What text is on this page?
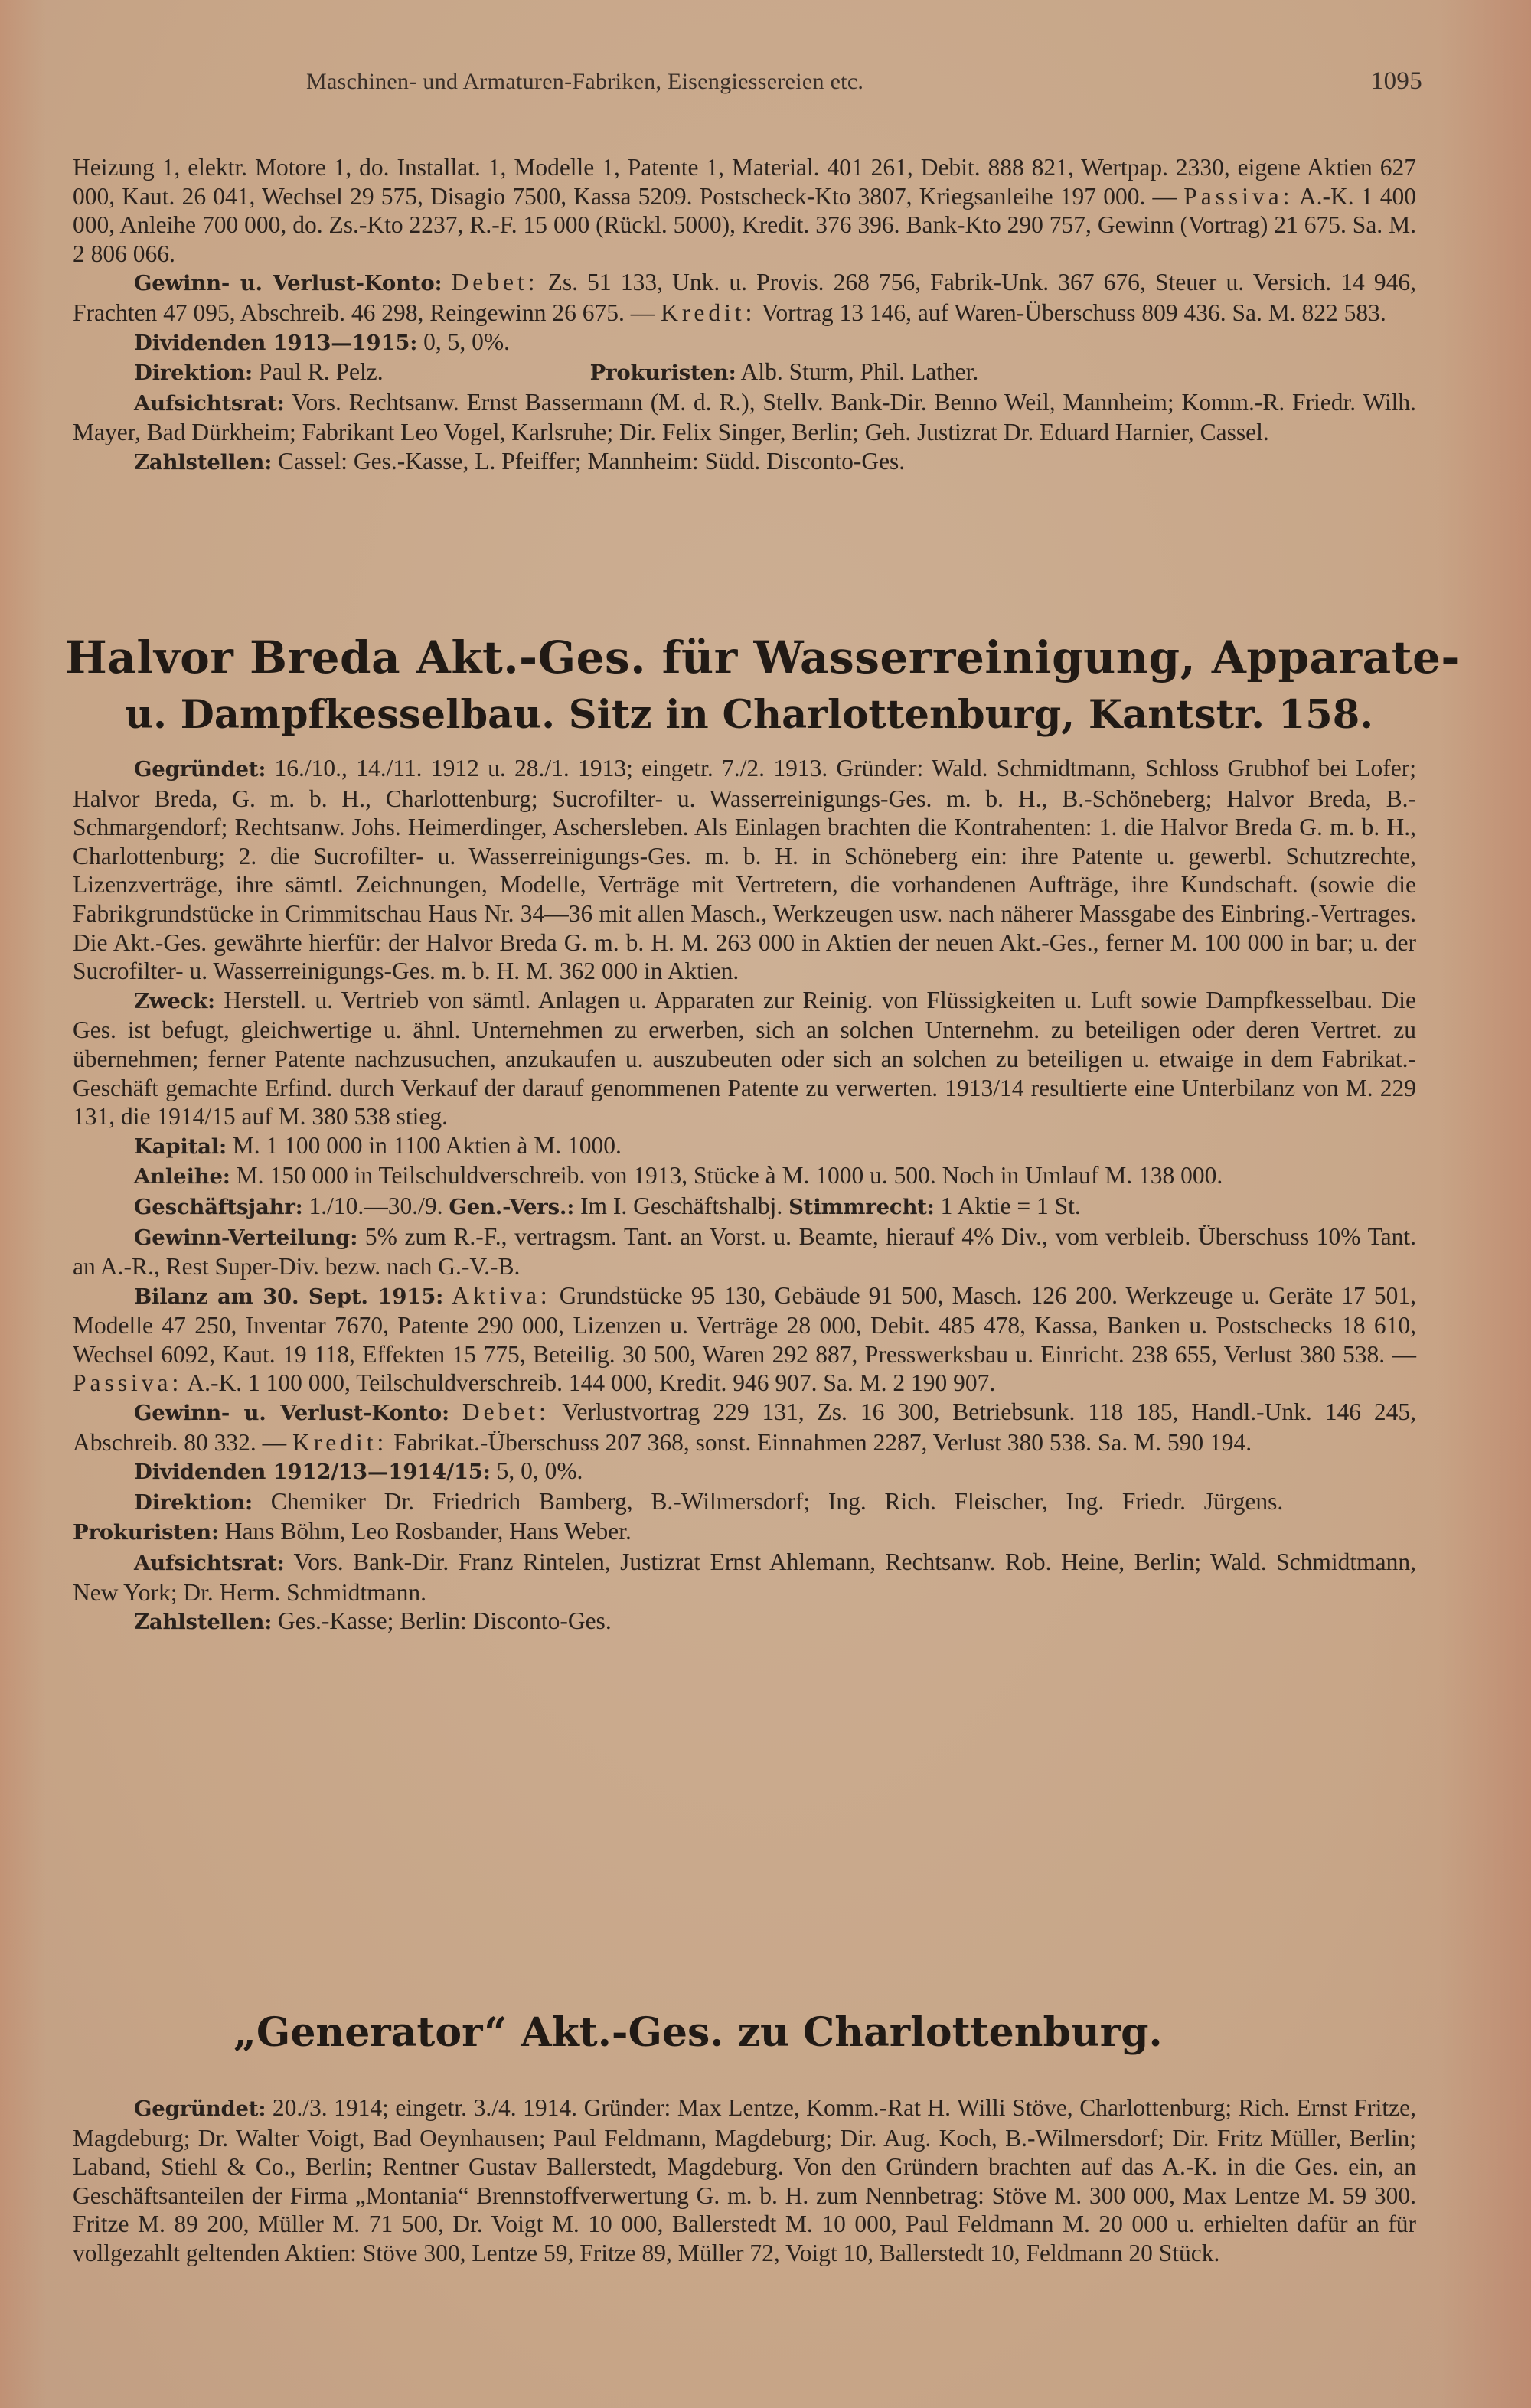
Maschinen- und Armaturen-Fabriken, Eisengiessereien etc.	1095

Heizung 1, elektr. Motore 1, do. Installat. 1, Modelle 1, Patente 1, Material. 401 261, Debit. 888 821, Wertpap. 2330, eigene Aktien 627 000, Kaut. 26 041, Wechsel 29 575, Disagio 7500, Kassa 5209. Postscheck-Kto 3807, Kriegsanleihe 197 000. — Passiva: A.-K. 1 400 000, Anleihe 700 000, do. Zs.-Kto 2237, R.-F. 15 000 (Rückl. 5000), Kredit. 376 396. Bank-Kto 290 757, Gewinn (Vortrag) 21 675. Sa. M. 2 806 066.

Gewinn- u. Verlust-Konto: Debet: Zs. 51 133, Unk. u. Provis. 268 756, Fabrik-Unk. 367 676, Steuer u. Versich. 14 946, Frachten 47 095, Abschreib. 46 298, Reingewinn 26 675. — Kredit: Vortrag 13 146, auf Waren-Überschuss 809 436. Sa. M. 822 583.

Dividenden 1913—1915: 0, 5, 0%.

Direktion: Paul R. Pelz.	Prokuristen: Alb. Sturm, Phil. Lather.

Aufsichtsrat: Vors. Rechtsanw. Ernst Bassermann (M. d. R.), Stellv. Bank-Dir. Benno Weil, Mannheim; Komm.-R. Friedr. Wilh. Mayer, Bad Dürkheim; Fabrikant Leo Vogel, Karlsruhe; Dir. Felix Singer, Berlin; Geh. Justizrat Dr. Eduard Harnier, Cassel.

Zahlstellen: Cassel: Ges.-Kasse, L. Pfeiffer; Mannheim: Südd. Disconto-Ges.

Halvor Breda Akt.-Ges. für Wasserreinigung, Apparate-
u. Dampfkesselbau. Sitz in Charlottenburg, Kantstr. 158.

Gegründet: 16./10., 14./11. 1912 u. 28./1. 1913; eingetr. 7./2. 1913. Gründer: Wald. Schmidtmann, Schloss Grubhof bei Lofer; Halvor Breda, G. m. b. H., Charlottenburg; Sucrofilter- u. Wasserreinigungs-Ges. m. b. H., B.-Schöneberg; Halvor Breda, B.-Schmargendorf; Rechtsanw. Johs. Heimerdinger, Aschersleben. Als Einlagen brachten die Kontrahenten: 1. die Halvor Breda G. m. b. H., Charlottenburg; 2. die Sucrofilter- u. Wasserreinigungs-Ges. m. b. H. in Schöneberg ein: ihre Patente u. gewerbl. Schutzrechte, Lizenzverträge, ihre sämtl. Zeichnungen, Modelle, Verträge mit Vertretern, die vorhandenen Aufträge, ihre Kundschaft. (sowie die Fabrikgrundstücke in Crimmitschau Haus Nr. 34—36 mit allen Masch., Werkzeugen usw. nach näherer Massgabe des Einbring.-Vertrages. Die Akt.-Ges. gewährte hierfür: der Halvor Breda G. m. b. H. M. 263 000 in Aktien der neuen Akt.-Ges., ferner M. 100 000 in bar; u. der Sucrofilter- u. Wasserreinigungs-Ges. m. b. H. M. 362 000 in Aktien.

Zweck: Herstell. u. Vertrieb von sämtl. Anlagen u. Apparaten zur Reinig. von Flüssigkeiten u. Luft sowie Dampfkesselbau. Die Ges. ist befugt, gleichwertige u. ähnl. Unternehmen zu erwerben, sich an solchen Unternehm. zu beteiligen oder deren Vertret. zu übernehmen; ferner Patente nachzusuchen, anzukaufen u. auszubeuten oder sich an solchen zu beteiligen u. etwaige in dem Fabrikat.-Geschäft gemachte Erfind. durch Verkauf der darauf genommenen Patente zu verwerten. 1913/14 resultierte eine Unterbilanz von M. 229 131, die 1914/15 auf M. 380 538 stieg.

Kapital: M. 1 100 000 in 1100 Aktien à M. 1000.

Anleihe: M. 150 000 in Teilschuldverschreib. von 1913, Stücke à M. 1000 u. 500. Noch in Umlauf M. 138 000.

Geschäftsjahr: 1./10.—30./9. Gen.-Vers.: Im I. Geschäftshalbj. Stimmrecht: 1 Aktie = 1 St.

Gewinn-Verteilung: 5% zum R.-F., vertragsm. Tant. an Vorst. u. Beamte, hierauf 4% Div., vom verbleib. Überschuss 10% Tant. an A.-R., Rest Super-Div. bezw. nach G.-V.-B.

Bilanz am 30. Sept. 1915: Aktiva: Grundstücke 95 130, Gebäude 91 500, Masch. 126 200. Werkzeuge u. Geräte 17 501, Modelle 47 250, Inventar 7670, Patente 290 000, Lizenzen u. Verträge 28 000, Debit. 485 478, Kassa, Banken u. Postschecks 18 610, Wechsel 6092, Kaut. 19 118, Effekten 15 775, Beteilig. 30 500, Waren 292 887, Presswerksbau u. Einricht. 238 655, Verlust 380 538. — Passiva: A.-K. 1 100 000, Teilschuldverschreib. 144 000, Kredit. 946 907. Sa. M. 2 190 907.

Gewinn- u. Verlust-Konto: Debet: Verlustvortrag 229 131, Zs. 16 300, Betriebsunk. 118 185, Handl.-Unk. 146 245, Abschreib. 80 332. — Kredit: Fabrikat.-Überschuss 207 368, sonst. Einnahmen 2287, Verlust 380 538. Sa. M. 590 194.

Dividenden 1912/13—1914/15: 5, 0, 0%.

Direktion: Chemiker Dr. Friedrich Bamberg, B.-Wilmersdorf; Ing. Rich. Fleischer, Ing. Friedr. Jürgens. Prokuristen: Hans Böhm, Leo Rosbander, Hans Weber.

Aufsichtsrat: Vors. Bank-Dir. Franz Rintelen, Justizrat Ernst Ahlemann, Rechtsanw. Rob. Heine, Berlin; Wald. Schmidtmann, New York; Dr. Herm. Schmidtmann.

Zahlstellen: Ges.-Kasse; Berlin: Disconto-Ges.

„Generator“ Akt.-Ges. zu Charlottenburg.

Gegründet: 20./3. 1914; eingetr. 3./4. 1914. Gründer: Max Lentze, Komm.-Rat H. Willi Stöve, Charlottenburg; Rich. Ernst Fritze, Magdeburg; Dr. Walter Voigt, Bad Oeynhausen; Paul Feldmann, Magdeburg; Dir. Aug. Koch, B.-Wilmersdorf; Dir. Fritz Müller, Berlin; Laband, Stiehl & Co., Berlin; Rentner Gustav Ballerstedt, Magdeburg. Von den Gründern brachten auf das A.-K. in die Ges. ein, an Geschäftsanteilen der Firma „Montania“ Brennstoffverwertung G. m. b. H. zum Nennbetrag: Stöve M. 300 000, Max Lentze M. 59 300. Fritze M. 89 200, Müller M. 71 500, Dr. Voigt M. 10 000, Ballerstedt M. 10 000, Paul Feldmann M. 20 000 u. erhielten dafür an für vollgezahlt geltenden Aktien: Stöve 300, Lentze 59, Fritze 89, Müller 72, Voigt 10, Ballerstedt 10, Feldmann 20 Stück.
